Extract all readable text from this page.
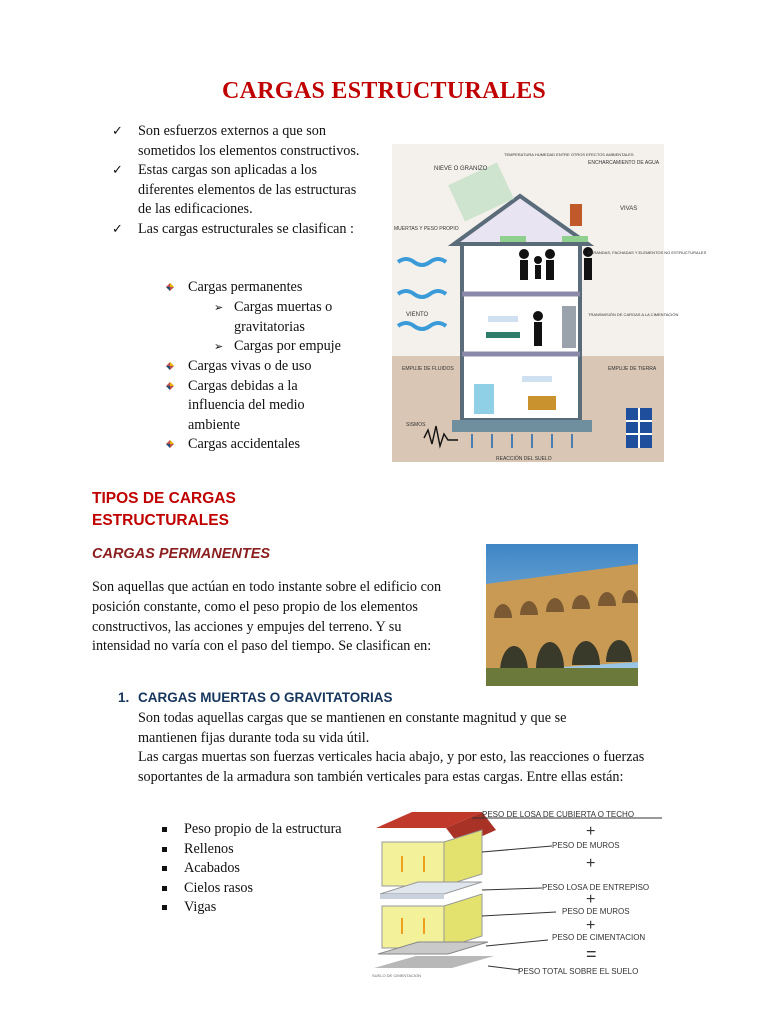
CARGAS ESTRUCTURALES
✓ Son esfuerzos externos a que son sometidos los elementos constructivos.
✓ Estas cargas son aplicadas a los diferentes elementos de las estructuras de las edificaciones.
✓ Las cargas estructurales se clasifican :
Cargas permanentes
➢ Cargas muertas o gravitatorias
➢ Cargas por empuje
Cargas vivas o de uso
Cargas debidas a la influencia del medio ambiente
Cargas accidentales
NIEVE O GRANIZO
TEMPERATURA HUMEDAD ENTRE OTROS EFECTOS AMBIENTALES
ENCHARCAMIENTO DE AGUA
VIVAS
MUERTAS Y PESO PROPIO
BARANDAS, FACHADAS Y ELEMENTOS NO ESTRUCTURALES
VIENTO	TRANSMISIÓN DE CARGAS A LA CIMENTACIÓN
EMPUJE DE FLUIDOS	EMPUJE DE TIERRA
SISMOS
REACCIÓN DEL SUELO
TIPOS DE CARGAS ESTRUCTURALES
CARGAS PERMANENTES
Son aquellas que actúan en todo instante sobre el edificio con posición constante, como el peso propio de los elementos constructivos, las acciones y empujes del terreno. Y su intensidad no varía con el paso del tiempo. Se clasifican en:
1. CARGAS MUERTAS O GRAVITATORIAS
Son todas aquellas cargas que se mantienen en constante magnitud y que se mantienen fijas durante toda su vida útil.
Las cargas muertas son fuerzas verticales hacia abajo, y por esto, las reacciones o fuerzas soportantes de la armadura son también verticales para estas cargas. Entre ellas están:
Peso propio de la estructura
Rellenos
Acabados
Cielos rasos
Vigas
PESO DE LOSA DE CUBIERTA O TECHO
PESO DE MUROS
PESO LOSA DE ENTREPISO
PESO DE MUROS
PESO DE CIMENTACION
PESO TOTAL SOBRE EL SUELO
SUELO DE CIMENTACION
+
+
+
+
=
